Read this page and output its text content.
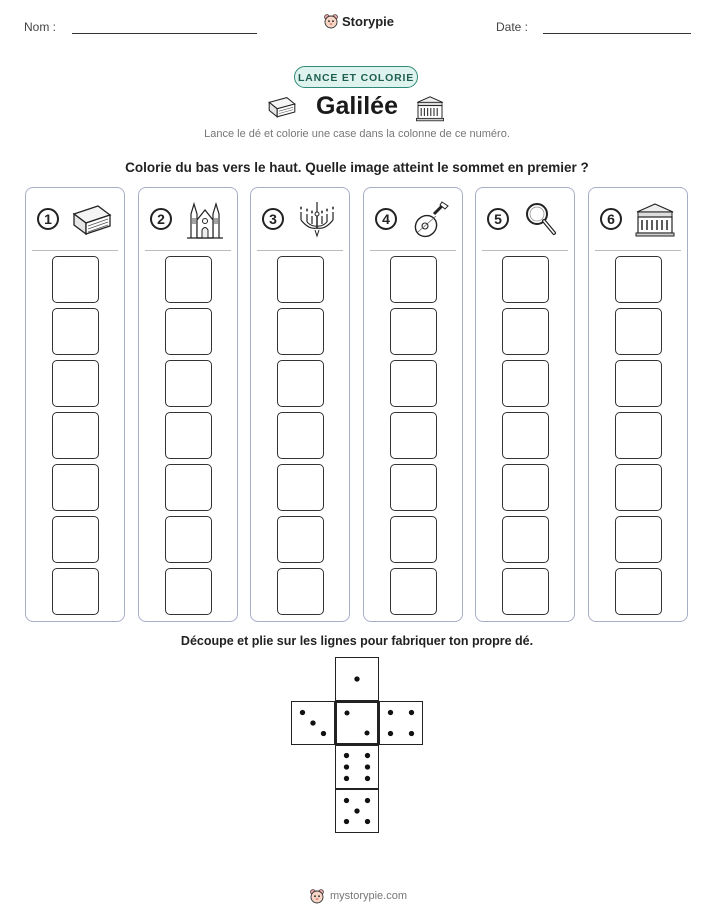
Nom :	Storypie	Date :
LANCE ET COLORIE
Galilée
Lance le dé et colorie une case dans la colonne de ce numéro.
Colorie du bas vers le haut. Quelle image atteint le sommet en premier ?
1	2	3	4	5	6
Découpe et plie sur les lignes pour fabriquer ton propre dé.
mystorypie.com
